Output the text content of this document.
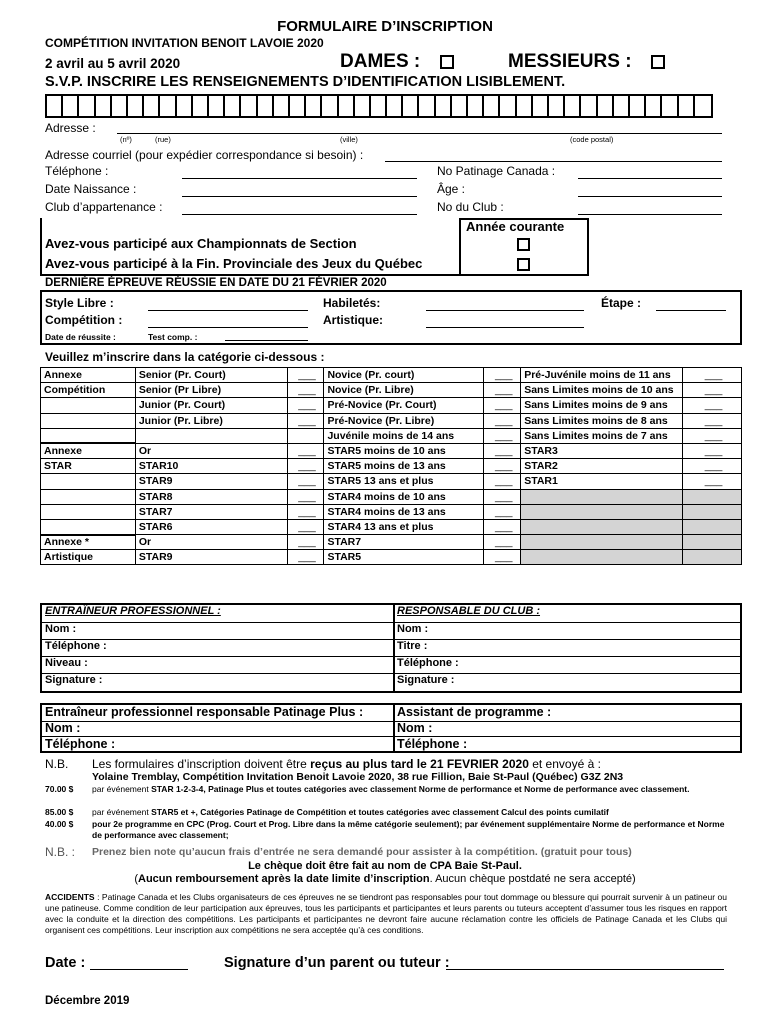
FORMULAIRE D’INSCRIPTION
COMPÉTITION INVITATION BENOIT LAVOIE 2020
2 avril au 5 avril 2020	DAMES :	MESSIEURS :
S.V.P. INSCRIRE LES RENSEIGNEMENTS D’IDENTIFICATION LISIBLEMENT.
Adresse :
(nº)	(rue)	(ville)	(code postal)
Adresse courriel (pour expédier correspondance si besoin) :
Téléphone :	No Patinage Canada :
Date Naissance :	Âge :
Club d’appartenance :	No du Club :
Année courante
Avez-vous participé aux Championnats de Section
Avez-vous participé à la Fin. Provinciale des Jeux du Québec
DERNIÈRE ÉPREUVE RÉUSSIE EN DATE DU 21 FÉVRIER 2020
Style Libre :	Habiletés:	Étape :
Compétition :	Artistique:
Date de réussite :	Test comp. :
Veuillez m’inscrire dans la catégorie ci-dessous :
Annexe	Senior (Pr. Court)	___	Novice (Pr. court)	___	Pré-Juvénile moins de 11 ans	___
Compétition	Senior (Pr Libre)	___	Novice (Pr. Libre)	___	Sans Limites moins de 10 ans	___
	Junior (Pr. Court)	___	Pré-Novice (Pr. Court)	___	Sans Limites moins de 9 ans	___
	Junior (Pr. Libre)	___	Pré-Novice (Pr. Libre)	___	Sans Limites moins de 8 ans	___
			Juvénile moins de 14 ans	___	Sans Limites moins de 7 ans	___
Annexe	Or	___	STAR5 moins de 10 ans	___	STAR3	___
STAR	STAR10	___	STAR5 moins de 13 ans	___	STAR2	___
	STAR9	___	STAR5 13 ans et plus	___	STAR1	___
	STAR8	___	STAR4 moins de 10 ans	___		
	STAR7	___	STAR4 moins de 13 ans	___		
	STAR6	___	STAR4 13 ans et plus	___		
Annexe *	Or	___	STAR7	___		
Artistique	STAR9	___	STAR5	___		
ENTRAÎNEUR PROFESSIONNEL :
Nom :
Téléphone :
Niveau :
Signature :
RESPONSABLE DU CLUB :
Nom :
Titre :
Téléphone :
Signature :
Entraîneur professionnel responsable Patinage Plus :
Nom :
Téléphone :
Assistant de programme :
Nom :
Téléphone :
N.B. Les formulaires d’inscription doivent être reçus au plus tard le 21 FEVRIER 2020 et envoyé à :
Yolaine Tremblay, Compétition Invitation Benoit Lavoie 2020, 38 rue Fillion, Baie St-Paul (Québec) G3Z 2N3
70.00 $ par événement STAR 1-2-3-4, Patinage Plus et toutes catégories avec classement Norme de performance et Norme de performance avec classement.
85.00 $ par événement STAR5 et +, Catégories Patinage de Compétition et toutes catégories avec classement Calcul des points cumilatif
40.00 $ pour 2e programme en CPC (Prog. Court et Prog. Libre dans la même catégorie seulement); par événement supplémentaire Norme de performance et Norme de performance avec classement;
N.B. : Prenez bien note qu’aucun frais d’entrée ne sera demandé pour assister à la compétition. (gratuit pour tous)
Le chèque doit être fait au nom de CPA Baie St-Paul.
(Aucun remboursement après la date limite d’inscription. Aucun chèque postdaté ne sera accepté)
ACCIDENTS : Patinage Canada et les Clubs organisateurs de ces épreuves ne se tiendront pas responsables pour tout dommage ou blessure qui pourrait survenir à un patineur ou une patineuse. Comme condition de leur participation aux épreuves, tous les participants et participantes et leurs parents ou tuteurs acceptent d’assumer tous les risques en rapport avec la conduite et la direction des compétitions. Les participants et participantes ne devront faire aucune réclamation contre les officiels de Patinage Canada et les Clubs qui organisent ces compétitions. Leur inscription aux compétitions ne sera acceptée qu’à ces conditions.
Date :	Signature d’un parent ou tuteur :
Décembre 2019
